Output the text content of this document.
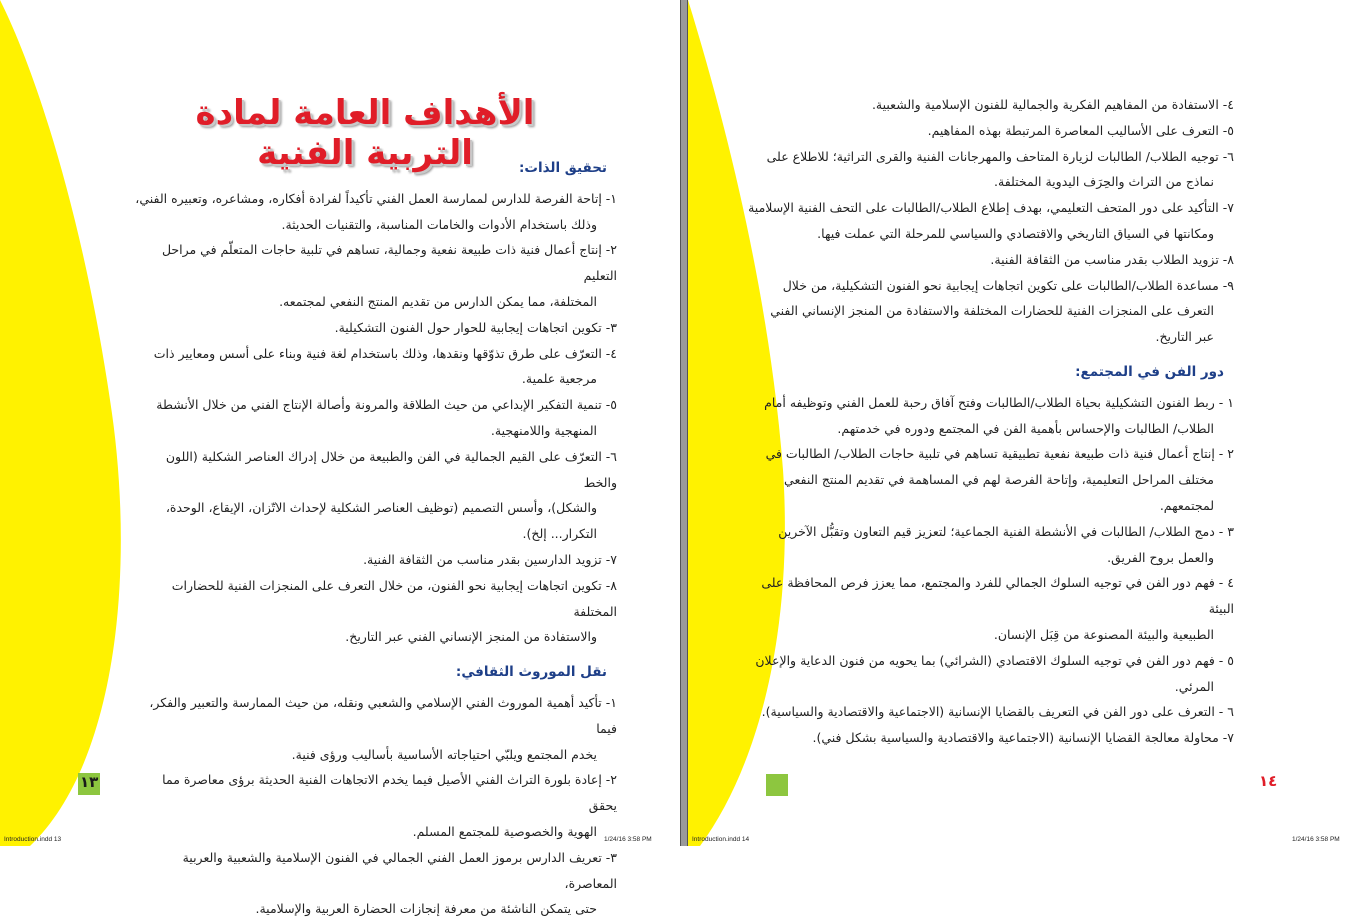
الأهداف العامة لمادة التربية الفنية	تحقيق الذات:

١- إتاحة الفرصة للدارس لممارسة العمل الفني تأكيداً لفرادة أفكاره، ومشاعره، وتعبيره الفني،

وذلك باستخدام الأدوات والخامات المناسبة، والتقنيات الحديثة.

٢- إنتاج أعمال فنية ذات طبيعة نفعية وجمالية، تساهم في تلبية حاجات المتعلّم في مراحل التعليم

المختلفة، مما يمكن الدارس من تقديم المنتج النفعي لمجتمعه.

٣- تكوين اتجاهات إيجابية للحوار حول الفنون التشكيلية.

٤- التعرّف على طرق تذوّقها ونقدها، وذلك باستخدام لغة فنية وبناء على أسس ومعايير ذات

مرجعية علمية.

٥- تنمية التفكير الإبداعي من حيث الطلاقة والمرونة وأصالة الإنتاج الفني من خلال الأنشطة

المنهجية واللامنهجية.

٦- التعرّف على القيم الجمالية في الفن والطبيعة من خلال إدراك العناصر الشكلية (اللون والخط

والشكل)، وأسس التصميم (توظيف العناصر الشكلية لإحداث الاتّزان، الإيقاع، الوحدة،

التكرار... إلخ).

٧- تزويد الدارسين بقدر مناسب من الثقافة الفنية.

٨- تكوين اتجاهات إيجابية نحو الفنون، من خلال التعرف على المنجزات الفنية للحضارات المختلفة

والاستفادة من المنجز الإنساني الفني عبر التاريخ.

نقل الموروث الثقافي:

١- تأكيد أهمية الموروث الفني الإسلامي والشعبي ونقله، من حيث الممارسة والتعبير والفكر، فيما

يخدم المجتمع ويلبّي احتياجاته الأساسية بأساليب ورؤى فنية.

٢- إعادة بلورة التراث الفني الأصيل فيما يخدم الاتجاهات الفنية الحديثة برؤى معاصرة مما يحقق

الهوية والخصوصية للمجتمع المسلم.

٣- تعريف الدارس برموز العمل الفني الجمالي في الفنون الإسلامية والشعبية والعربية المعاصرة،

حتى يتمكن الناشئة من معرفة إنجازات الحضارة العربية والإسلامية.

١٣
Introduction.indd 13	1/24/16 3:58 PM

٤- الاستفادة من المفاهيم الفكرية والجمالية للفنون الإسلامية والشعبية.

٥- التعرف على الأساليب المعاصرة المرتبطة بهذه المفاهيم.

٦- توجيه الطلاب/ الطالبات لزيارة المتاحف والمهرجانات الفنية والقرى التراثية؛ للاطلاع على

نماذج من التراث والحِرَف اليدوية المختلفة.

٧- التأكيد على دور المتحف التعليمي، بهدف إطلاع الطلاب/الطالبات على التحف الفنية الإسلامية

ومكانتها في السياق التاريخي والاقتصادي والسياسي للمرحلة التي عملت فيها.

٨- تزويد الطلاب بقدر مناسب من الثقافة الفنية.

٩- مساعدة الطلاب/الطالبات على تكوين اتجاهات إيجابية نحو الفنون التشكيلية، من خلال

التعرف على المنجزات الفنية للحضارات المختلفة والاستفادة من المنجز الإنساني الفني

عبر التاريخ.

دور الفن في المجتمع:

١ - ربط الفنون التشكيلية بحياة الطلاب/الطالبات وفتح آفاق رحبة للعمل الفني وتوظيفه أمام

الطلاب/ الطالبات والإحساس بأهمية الفن في المجتمع ودوره في خدمتهم.

٢ - إنتاج أعمال فنية ذات طبيعة نفعية تطبيقية تساهم في تلبية حاجات الطلاب/ الطالبات في

مختلف المراحل التعليمية، وإتاحة الفرصة لهم في المساهمة في تقديم المنتج النفعي

لمجتمعهم.

٣ - دمج الطلاب/ الطالبات في الأنشطة الفنية الجماعية؛ لتعزيز قيم التعاون وتقبُّل الآخرين

والعمل بروح الفريق.

٤ - فهم دور الفن في توجيه السلوك الجمالي للفرد والمجتمع، مما يعزز فرص المحافظة على البيئة

الطبيعية والبيئة المصنوعة من قِبَل الإنسان.

٥ - فهم دور الفن في توجيه السلوك الاقتصادي (الشرائي) بما يحويه من فنون الدعاية والإعلان

المرئي.

٦ - التعرف على دور الفن في التعريف بالقضايا الإنسانية (الاجتماعية والاقتصادية والسياسية).

٧- محاولة معالجة القضايا الإنسانية (الاجتماعية والاقتصادية والسياسية بشكل فني).

١٤
Introduction.indd 14	1/24/16 3:58 PM
